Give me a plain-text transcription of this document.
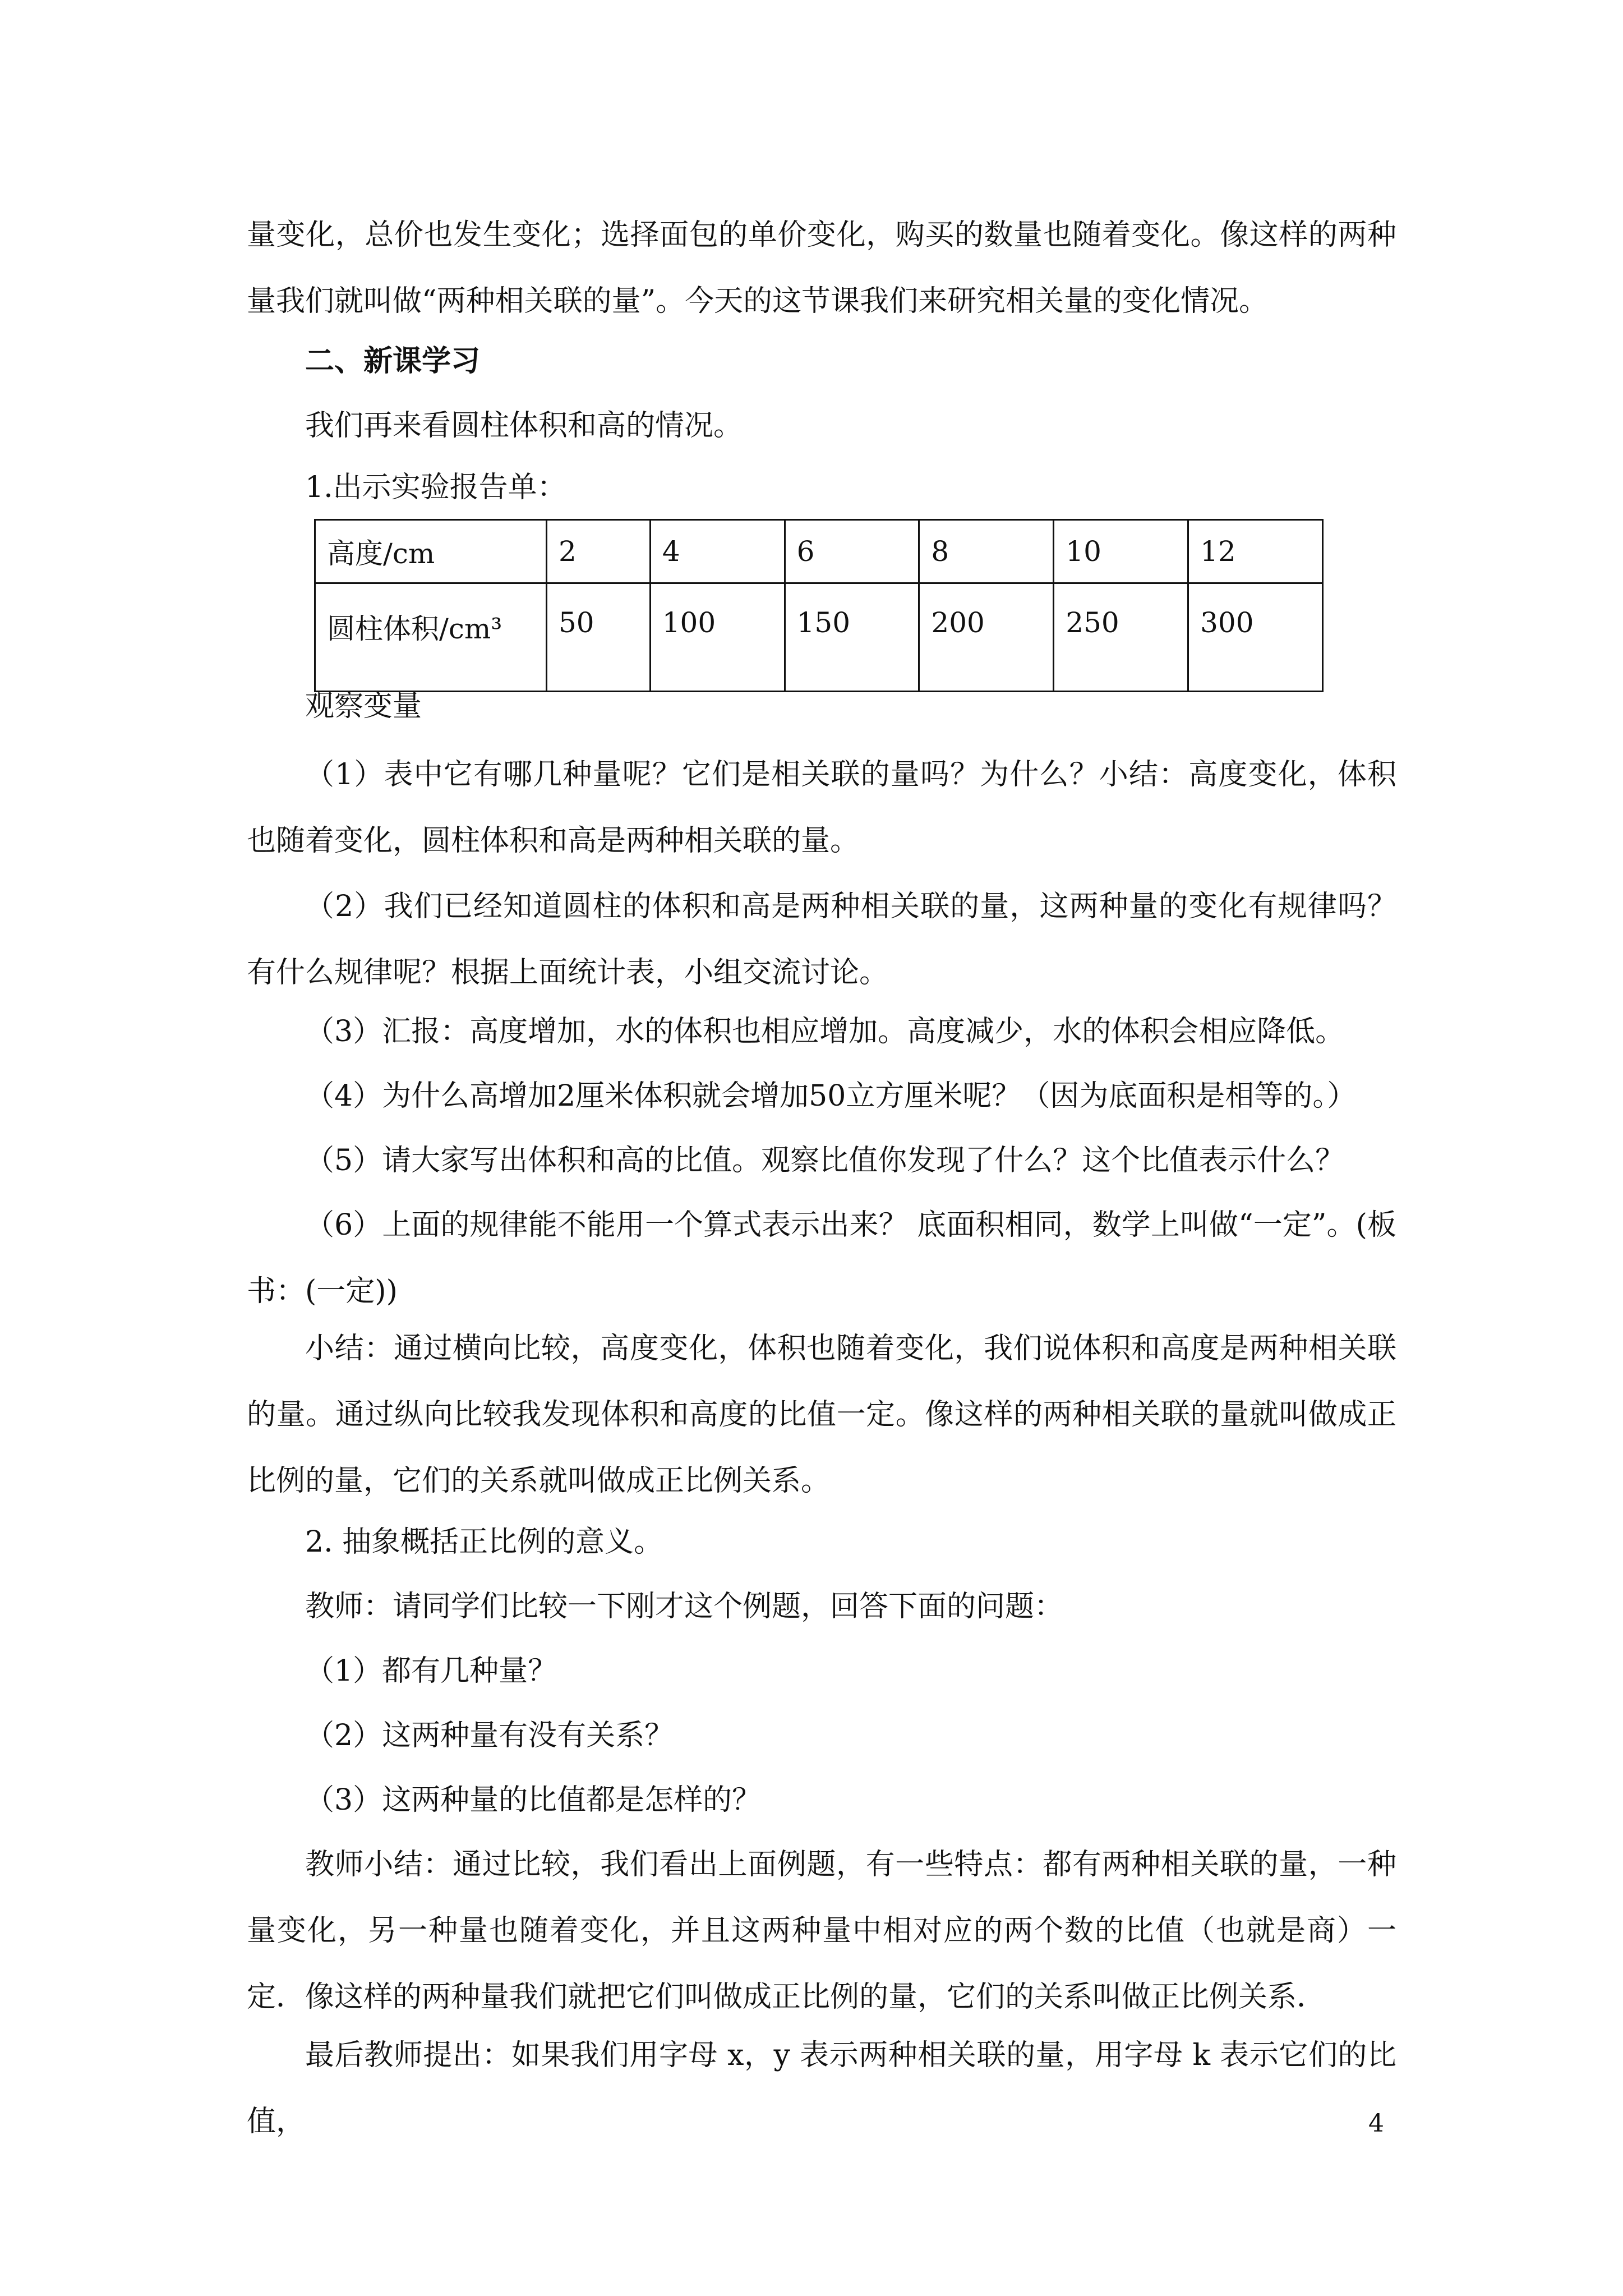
量变化，总价也发生变化；选择面包的单价变化，购买的数量也随着变化。像这样的两种量我们就叫做“两种相关联的量”。今天的这节课我们来研究相关量的变化情况。

二、新课学习

我们再来看圆柱体积和高的情况。

1.出示实验报告单：

高度/cm	2	4	6	8	10	12
圆柱体积/cm³	50	100	150	200	250	300

观察变量

（1）表中它有哪几种量呢？它们是相关联的量吗？为什么？小结：高度变化，体积也随着变化，圆柱体积和高是两种相关联的量。

（2）我们已经知道圆柱的体积和高是两种相关联的量，这两种量的变化有规律吗？有什么规律呢？根据上面统计表，小组交流讨论。

（3）汇报：高度增加，水的体积也相应增加。高度减少，水的体积会相应降低。

（4）为什么高增加2厘米体积就会增加50立方厘米呢？（因为底面积是相等的。）

（5）请大家写出体积和高的比值。观察比值你发现了什么？这个比值表示什么？

（6）上面的规律能不能用一个算式表示出来？ 底面积相同，数学上叫做“一定”。(板书：(一定))

小结：通过横向比较，高度变化，体积也随着变化，我们说体积和高度是两种相关联的量。通过纵向比较我发现体积和高度的比值一定。像这样的两种相关联的量就叫做成正比例的量，它们的关系就叫做成正比例关系。

2. 抽象概括正比例的意义。

教师：请同学们比较一下刚才这个例题，回答下面的问题：

（1）都有几种量？

（2）这两种量有没有关系？

（3）这两种量的比值都是怎样的？

教师小结：通过比较，我们看出上面例题，有一些特点：都有两种相关联的量，一种量变化，另一种量也随着变化，并且这两种量中相对应的两个数的比值（也就是商）一定．像这样的两种量我们就把它们叫做成正比例的量，它们的关系叫做正比例关系．

最后教师提出：如果我们用字母 x，y 表示两种相关联的量，用字母 k 表示它们的比值，	4
